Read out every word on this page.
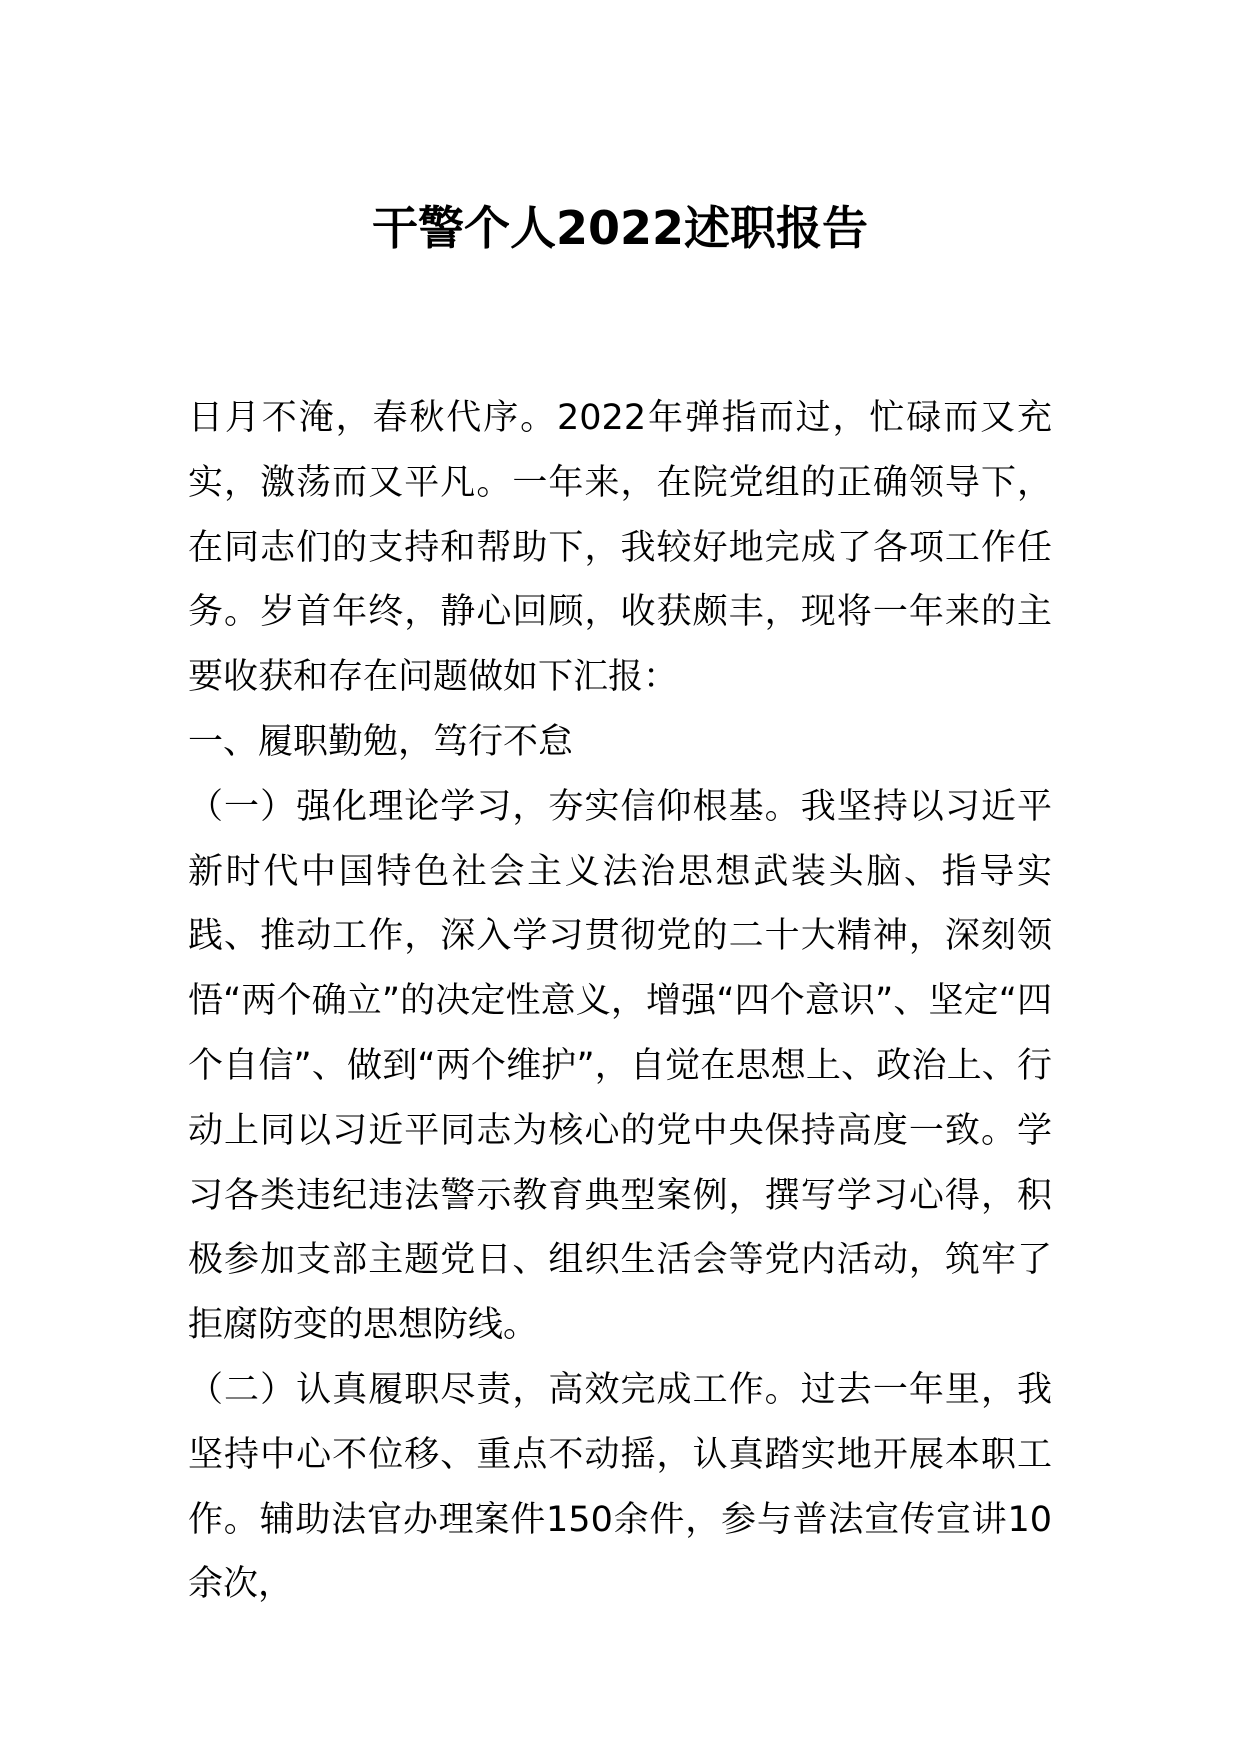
干警个人2022述职报告

日月不淹，春秋代序。2022年弹指而过，忙碌而又充实，激荡而又平凡。一年来，在院党组的正确领导下，在同志们的支持和帮助下，我较好地完成了各项工作任务。岁首年终，静心回顾，收获颇丰，现将一年来的主要收获和存在问题做如下汇报：

一、履职勤勉，笃行不怠

（一）强化理论学习，夯实信仰根基。我坚持以习近平新时代中国特色社会主义法治思想武装头脑、指导实践、推动工作，深入学习贯彻党的二十大精神，深刻领悟“两个确立”的决定性意义，增强“四个意识”、坚定“四个自信”、做到“两个维护”，自觉在思想上、政治上、行动上同以习近平同志为核心的党中央保持高度一致。学习各类违纪违法警示教育典型案例，撰写学习心得，积极参加支部主题党日、组织生活会等党内活动，筑牢了拒腐防变的思想防线。

（二）认真履职尽责，高效完成工作。过去一年里，我坚持中心不位移、重点不动摇，认真踏实地开展本职工作。辅助法官办理案件150余件，参与普法宣传宣讲10余次，
